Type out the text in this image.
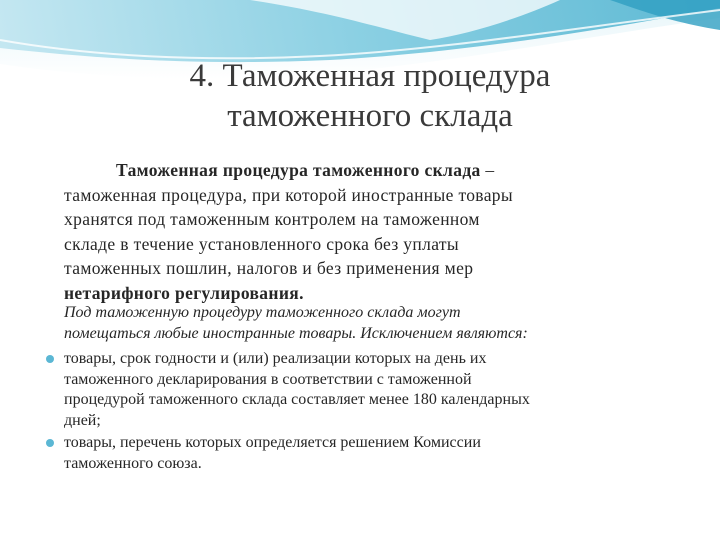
4. Таможенная процедура
таможенного склада
Таможенная процедура таможенного склада –
таможенная процедура, при которой иностранные товары
хранятся под таможенным контролем на таможенном
складе в течение установленного срока без уплаты
таможенных пошлин, налогов и без применения мер
нетарифного регулирования.
Под таможенную процедуру таможенного склада могут
помещаться любые иностранные товары. Исключением являются:
товары, срок годности и (или) реализации которых на день их
таможенного декларирования в соответствии с таможенной
процедурой таможенного склада составляет менее 180 календарных
дней;
товары, перечень которых определяется решением Комиссии
таможенного союза.
